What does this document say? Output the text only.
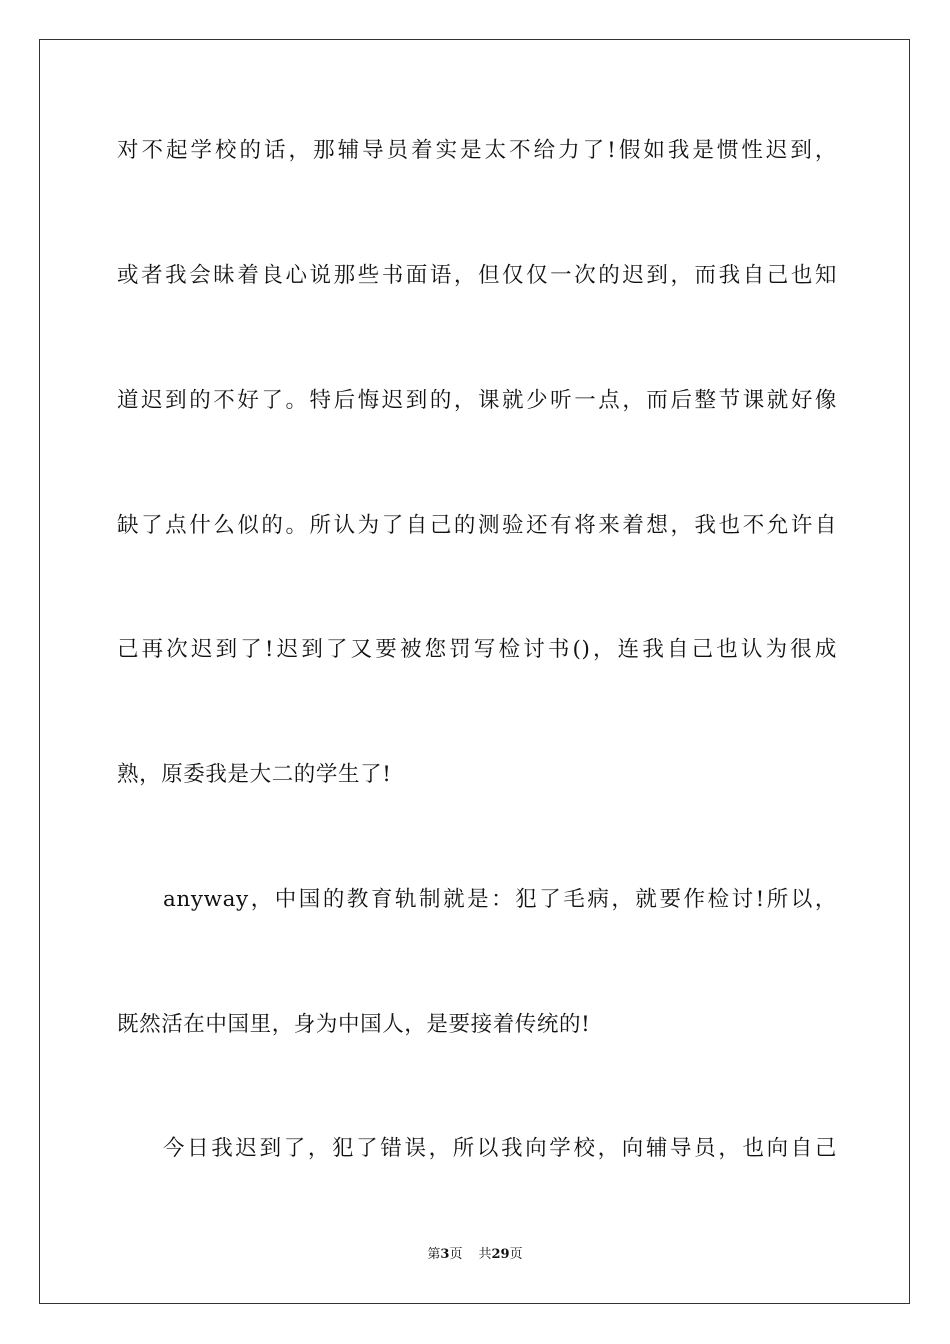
对不起学校的话，那辅导员着实是太不给力了!假如我是惯性迟到，
或者我会昧着良心说那些书面语，但仅仅一次的迟到，而我自己也知
道迟到的不好了。特后悔迟到的，课就少听一点，而后整节课就好像
缺了点什么似的。所认为了自己的测验还有将来着想，我也不允许自
己再次迟到了!迟到了又要被您罚写检讨书()，连我自己也认为很成
熟，原委我是大二的学生了!
anyway，中国的教育轨制就是：犯了毛病，就要作检讨!所以，
既然活在中国里，身为中国人，是要接着传统的!
今日我迟到了，犯了错误，所以我向学校，向辅导员，也向自己
第3页 共29页
